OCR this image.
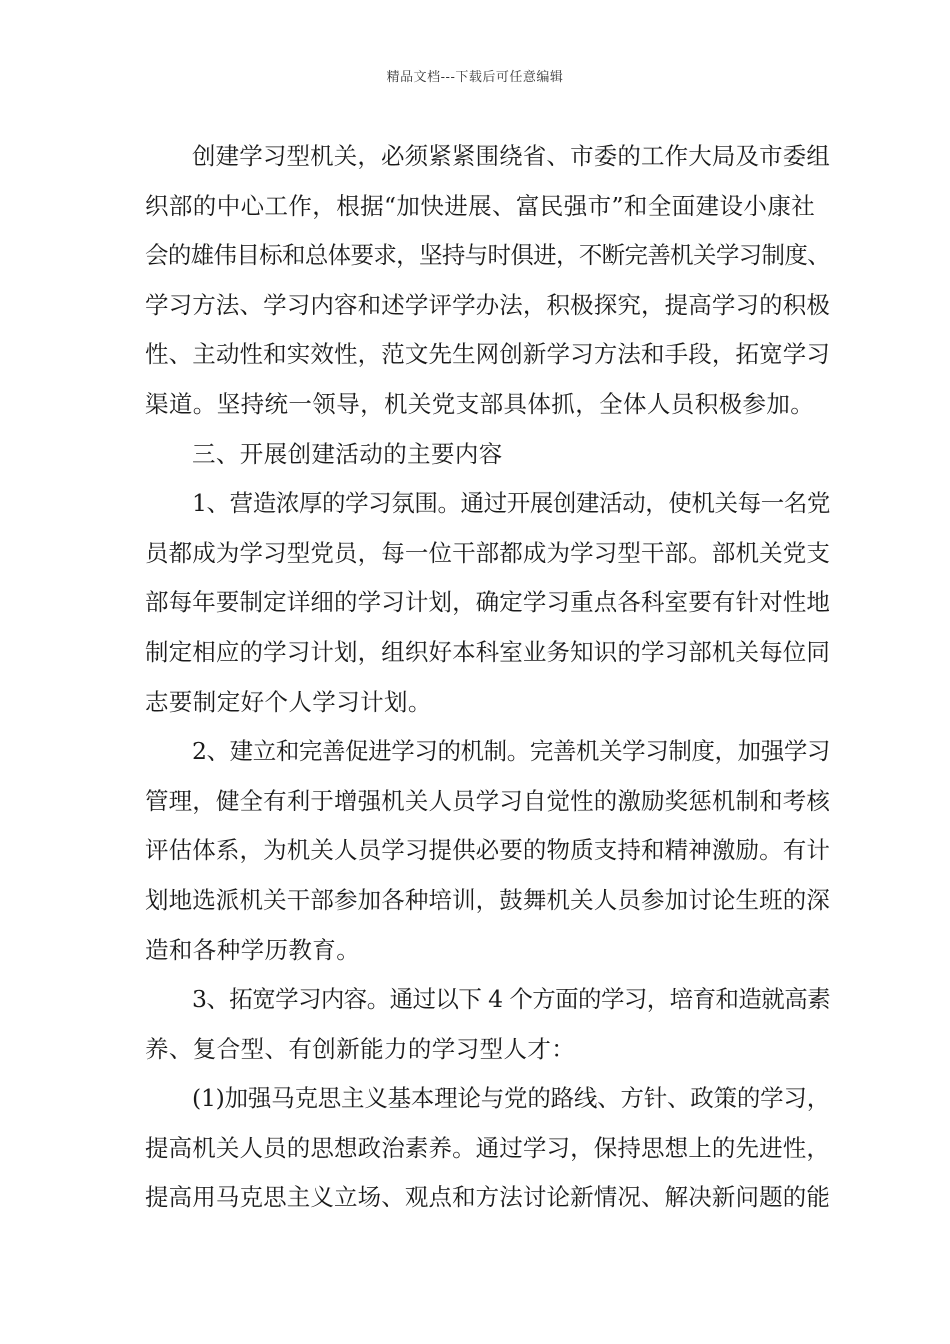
精品文档---下载后可任意编辑
创建学习型机关，必须紧紧围绕省、市委的工作大局及市委组
织部的中心工作，根据“加快进展、富民强市”和全面建设小康社
会的雄伟目标和总体要求，坚持与时俱进，不断完善机关学习制度、
学习方法、学习内容和述学评学办法，积极探究，提高学习的积极
性、主动性和实效性，范文先生网创新学习方法和手段，拓宽学习
渠道。坚持统一领导，机关党支部具体抓，全体人员积极参加。
三、开展创建活动的主要内容
1、营造浓厚的学习氛围。通过开展创建活动，使机关每一名党
员都成为学习型党员，每一位干部都成为学习型干部。部机关党支
部每年要制定详细的学习计划，确定学习重点各科室要有针对性地
制定相应的学习计划，组织好本科室业务知识的学习部机关每位同
志要制定好个人学习计划。
2、建立和完善促进学习的机制。完善机关学习制度，加强学习
管理，健全有利于增强机关人员学习自觉性的激励奖惩机制和考核
评估体系，为机关人员学习提供必要的物质支持和精神激励。有计
划地选派机关干部参加各种培训，鼓舞机关人员参加讨论生班的深
造和各种学历教育。
3、拓宽学习内容。通过以下 4 个方面的学习，培育和造就高素
养、复合型、有创新能力的学习型人才：
(1)加强马克思主义基本理论与党的路线、方针、政策的学习，
提高机关人员的思想政治素养。通过学习，保持思想上的先进性，
提高用马克思主义立场、观点和方法讨论新情况、解决新问题的能
